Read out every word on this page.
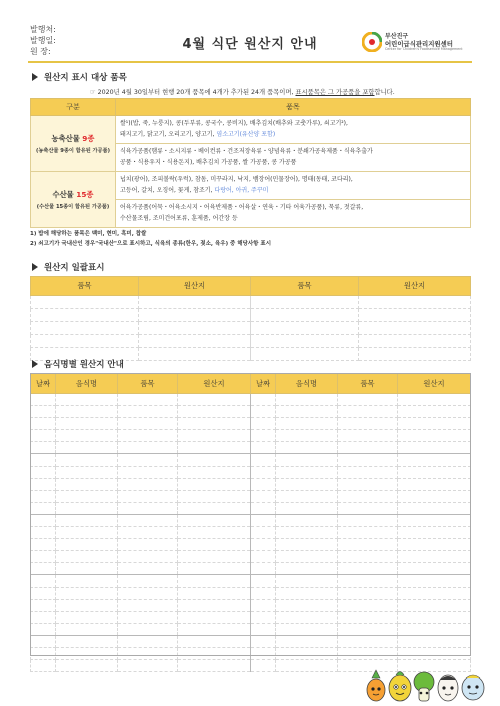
발행처:
발행일:
원 장:	4월 식단 원산지 안내
부산진구
어린이급식관리지원센터
Center for Children's Foodservice Management
원산지 표시 대상 품목
☞ 2020년 4월 30일부터 현행 20개 품목에 4개가 추가된 24개 품목이며, 표시품목은 그 가공품을 포함합니다.
구분	품목

농축산물 9종
(농축산물 9종이 함유된 가공품)	쌀¹)(밥, 죽, 누룽지), 콩(두부류, 콩국수, 콩비지), 배추김치(배추와 고춧가루), 쇠고기²),
돼지고기, 닭고기, 오리고기, 양고기, 염소고기(유산양 포함)

	식육가공품(햄류・소시지류・베이컨류・건조저장육류・양념육류・분쇄가공육제품・식육추출가
공품・식용우지・식용돈지), 배추김치 가공품, 쌀 가공품, 콩 가공품

수산물 15종
(수산물 15종이 함유된 가공품)	넙치(광어), 조피볼락(우럭), 참돔, 미꾸라지, 낙지, 뱀장어(민물장어), 명태(동태, 코다리),
고등어, 갈치, 오징어, 꽃게, 참조기, 다랑어, 아귀, 주꾸미

	어육가공품(어묵・어육소시지・어육반제품・어육살・연육・기타 어육가공품), 묵류, 젓갈류,
수산물조림, 조미건어포류, 훈제품, 어간장 등
1) 밥에 해당하는 품목은 백미, 현미, 흑미, 찹쌀
2) 쇠고기가 국내산인 경우"국내산"으로 표시하고, 식육의 종류(한우, 젖소, 육우) 중 해당사항 표시
원산지 일괄표시
품목	원산지	품목	원산지

음식명별 원산지 안내
날짜	음식명	품목	원산지	날짜	음식명	품목	원산지
